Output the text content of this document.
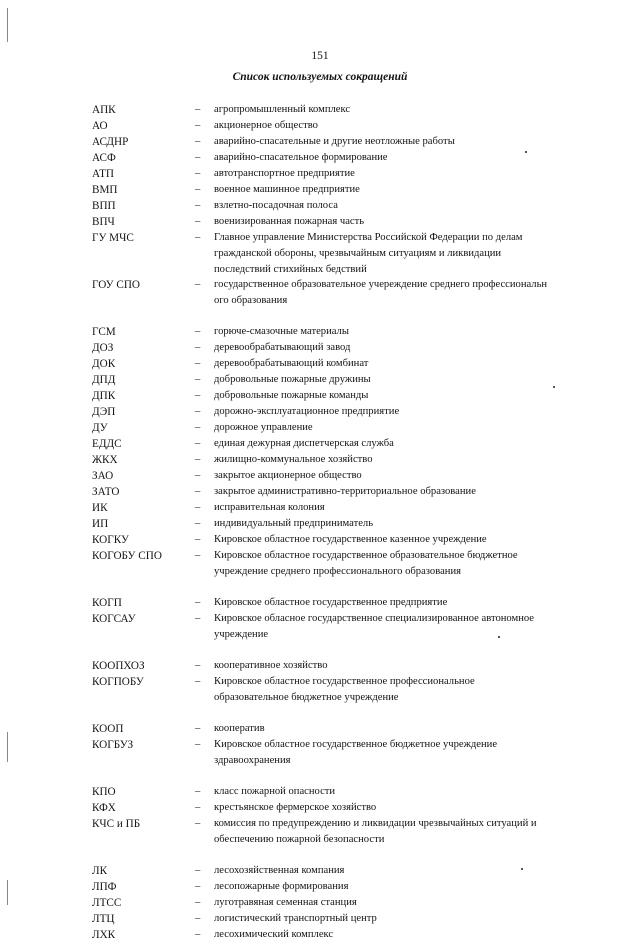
151
Список используемых сокращений
АПК	–	агропромышленный комплекс
АО	–	акционерное общество
АСДНР	–	аварийно-спасательные и другие неотложные работы
АСФ	–	аварийно-спасательное формирование
АТП	–	автотранспортное предприятие
ВМП	–	военное машинное предприятие
ВПП	–	взлетно-посадочная полоса
ВПЧ	–	военизированная пожарная часть
ГУ МЧС	–	Главное управление Министерства Российской Федерации по делам
гражданской обороны, чрезвычайным ситуациям и ликвидации
последствий стихийных бедствий
ГОУ СПО	–	государственное образовательное учереждение среднего профессиональн
ого образования
ГСМ	–	горюче-смазочные материалы
ДОЗ	–	деревообрабатывающий завод
ДОК	–	деревообрабатывающий комбинат
ДПД	–	добровольные пожарные дружины
ДПК	–	добровольные пожарные команды
ДЭП	–	дорожно-эксплуатационное предприятие
ДУ	–	дорожное управление
ЕДДС	–	единая дежурная диспетчерская служба
ЖКХ	–	жилищно-коммунальное хозяйство
ЗАО	–	закрытое акционерное общество
ЗАТО	–	закрытое административно-территориальное образование
ИК	–	исправительная колония
ИП	–	индивидуальный предприниматель
КОГКУ	–	Кировское областное государственное казенное учреждение
КОГОБУ СПО	–	Кировское областное государственное образовательное бюджетное
учреждение среднего профессионального образования
КОГП	–	Кировское областное государственное предприятие
КОГСАУ	–	Кировское обласное государственное специализированное автономное
учреждение
КООПХОЗ	–	кооперативное хозяйство
КОГПОБУ	–	Кировское областное государственное профессиональное
образовательное бюджетное учреждение
КООП	–	кооператив
КОГБУЗ	–	Кировское областное государственное бюджетное учреждение
здравоохранения
КПО	–	класс пожарной опасности
КФХ	–	крестьянское фермерское хозяйство
КЧС и ПБ	–	комиссия по предупреждению и ликвидации чрезвычайных ситуаций и
обеспечению пожарной безопасности
ЛК	–	лесохозяйственная компания
ЛПФ	–	лесопожарные формирования
ЛТСС	–	луготравяная семенная станция
ЛТЦ	–	логистический транспортный центр
ЛХК	–	лесохимический комплекс
